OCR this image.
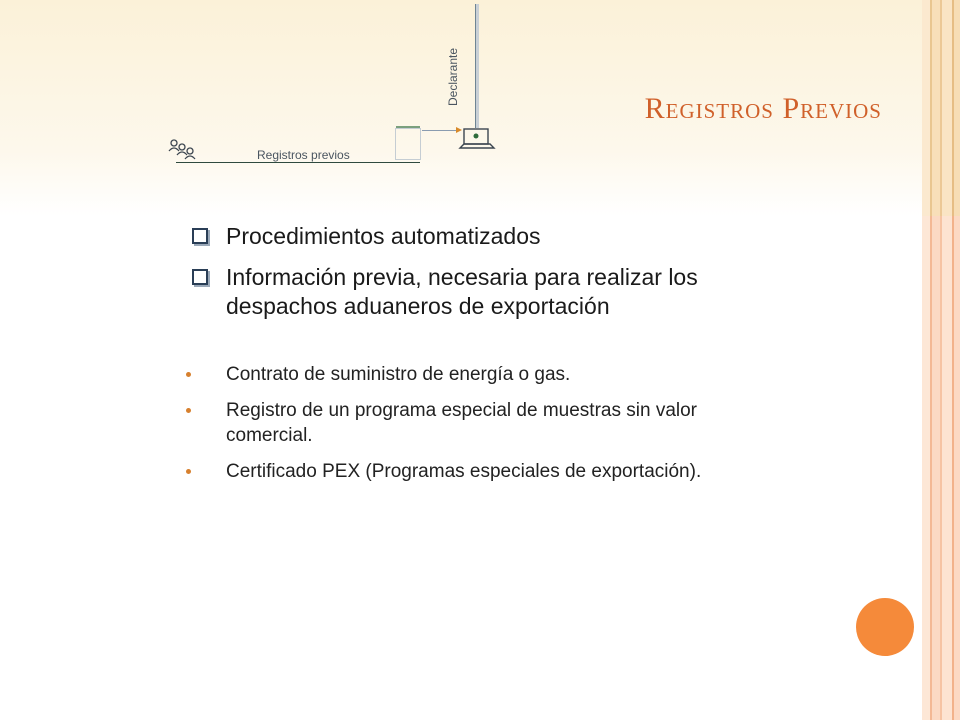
Registros Previos
Declarante
Registros previos
Procedimientos automatizados
Información previa, necesaria para realizar los despachos aduaneros de exportación
Contrato de suministro de energía o gas.
Registro de un programa especial de muestras sin valor comercial.
Certificado PEX (Programas especiales de exportación).
